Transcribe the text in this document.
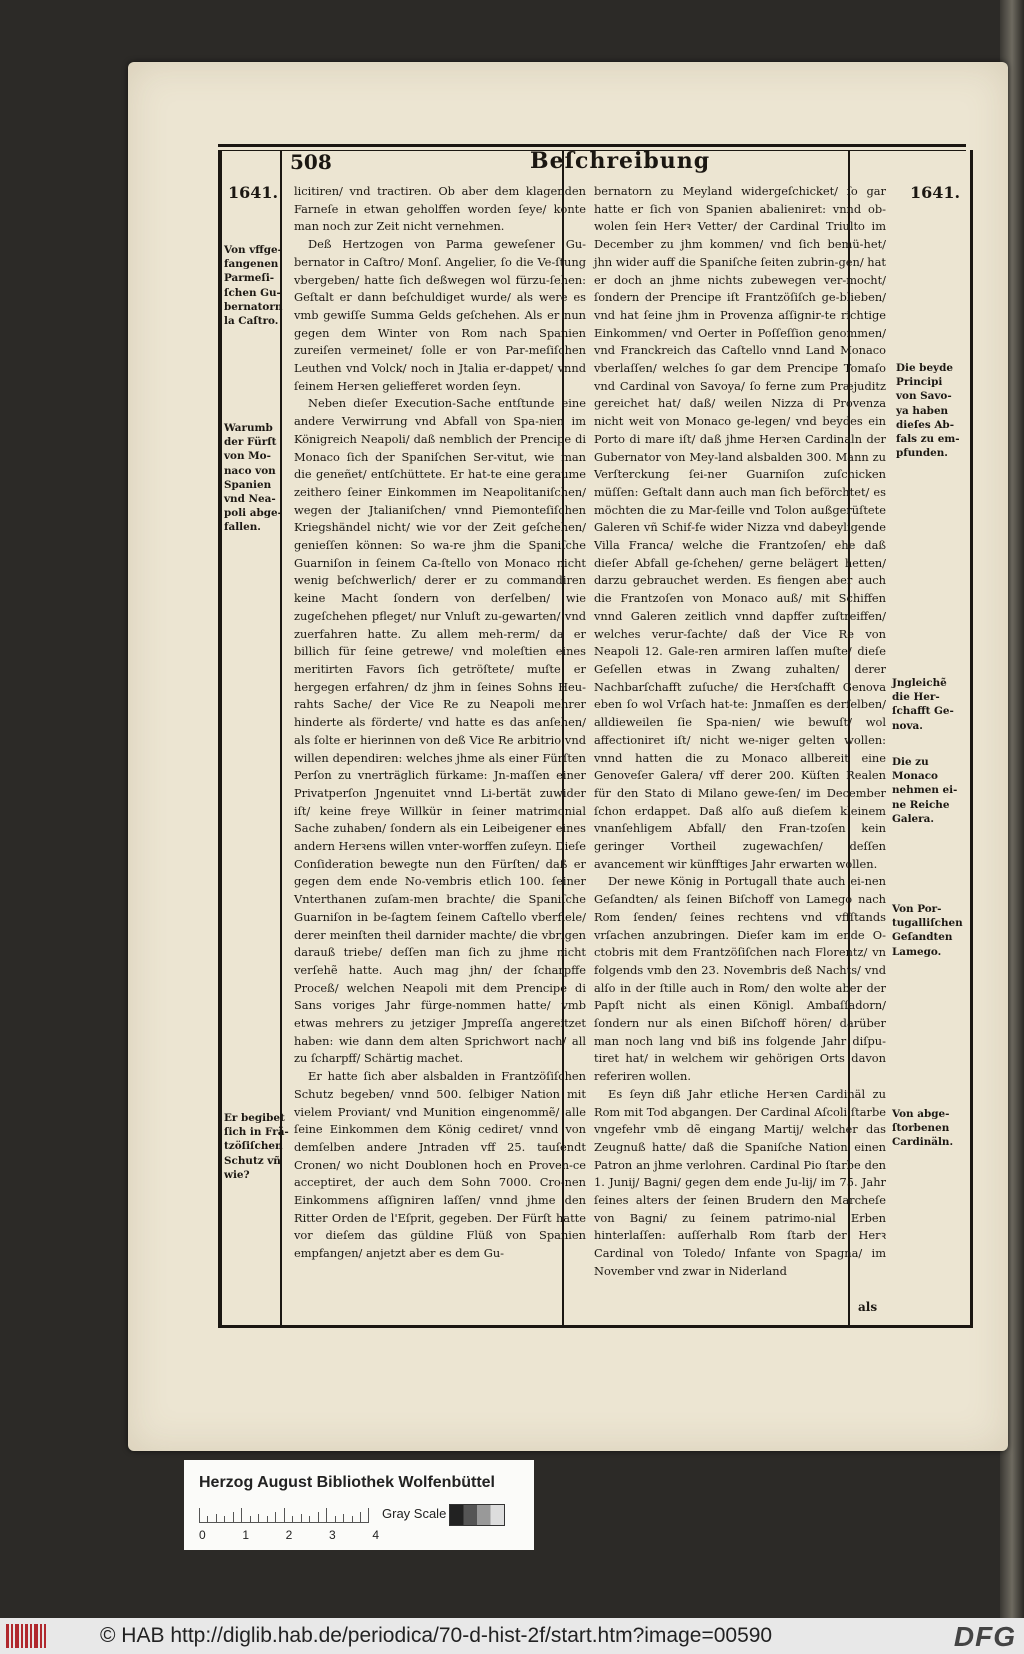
508	Beſchreibung
1641.	1641.
Von vffge‐fangenen Parmeſi‐ſchen Gu‐bernatorn la Caſtro.
Warumb der Fürſt von Mo‐naco von Spanien vnd Nea‐poli abge‐fallen.
Er begibet ſich in Frä‐tzöſiſchen Schutz vñ wie?
Die beyde Principi von Savo‐ya haben dieſes Ab‐fals zu em‐pfunden.
Jngleichẽ die Her‐ſchafft Ge‐nova.
Die zu Monaco nehmen ei‐ne Reiche Galera.
Von Por‐tugalliſchen Geſandten Lamego.
Von abge‐ſtorbenen Cardinäln.

licitiren/ vnd tractiren. Ob aber dem klagenden Farneſe in etwan geholffen worden ſeye/ konte man noch zur Zeit nicht vernehmen.

Deß Hertzogen von Parma geweſener Gu‐bernator in Caſtro/ Monſ. Angelier, ſo die Ve‐ſtung vbergeben/ hatte ſich deßwegen wol fürzu‐ſehen: Geſtalt er dann beſchuldiget wurde/ als were es vmb gewiſſe Summa Gelds geſchehen. Als er nun gegen dem Winter von Rom nach Spanien zureiſen vermeinet/ ſolle er von Par‐meſiſchen Leuthen vnd Volck/ noch in Jtalia er‐dappet/ vnnd ſeinem Herꝛen geliefferet worden ſeyn.

Neben dieſer Execution‐Sache entſtunde eine andere Verwirrung vnd Abfall von Spa‐nien im Königreich Neapoli/ daß nemblich der Prencipe di Monaco ſich der Spaniſchen Ser‐vitut, wie man die geneñet/ entſchüttete. Er hat‐te eine geraume zeithero ſeiner Einkommen im Neapolitaniſchen/ wegen der Jtalianiſchen/ vnnd Piemonteſiſchen Kriegshändel nicht/ wie vor der Zeit geſchehen/ genieſſen können: So wa‐re jhm die Spaniſche Guarniſon in ſeinem Ca‐ſtello von Monaco nicht wenig beſchwerlich/ derer er zu commandiren keine Macht ſondern von derſelben/ wie zugeſchehen pfleget/ nur Vnluſt zu‐gewarten/ vnd zuerfahren hatte. Zu allem meh‐rerm/ da er billich für ſeine getrewe/ vnd moleſtien eines meritirten Favors ſich getröſtete/ muſte er hergegen erfahren/ dz jhm in ſeines Sohns Heu‐rahts Sache/ der Vice Re zu Neapoli mehrer hinderte als förderte/ vnd hatte es das anſehen/ als ſolte er hierinnen von deß Vice Re arbitrio vnd willen dependiren: welches jhme als einer Fürſten Perſon zu vnerträglich fürkame: Jn‐maſſen einer Privatperſon Jngenuitet vnnd Li‐bertät zuwider iſt/ keine freye Willkür in ſeiner matrimonial Sache zuhaben/ ſondern als ein Leibeigener eines andern Herꝛens willen vnter‐worffen zuſeyn. Dieſe Conſideration bewegte nun den Fürſten/ daß er gegen dem ende No‐vembris etlich 100. ſeiner Vnterthanen zuſam‐men brachte/ die Spaniſche Guarniſon in be‐ſagtem ſeinem Caſtello vberfiele/ derer meinſten theil darnider machte/ die vbrigen darauß triebe/ deſſen man ſich zu jhme nicht verſehẽ hatte. Auch mag jhn/ der ſcharpffe Proceß/ welchen Neapoli mit dem Prencipe di Sans voriges Jahr fürge‐nommen hatte/ vmb etwas mehrers zu jetziger Jmpreſſa angereitzet haben: wie dann dem alten Sprichwort nach/ all zu ſcharpff/ Schärtig machet.

Er hatte ſich aber alsbalden in Frantzöſiſchen Schutz begeben/ vnnd 500. ſelbiger Nation mit vielem Proviant/ vnd Munition eingenommẽ/ alle ſeine Einkommen dem König cediret/ vnnd von demſelben andere Jntraden vff 25. tauſendt Cronen/ wo nicht Doublonen hoch en Proven‐ce acceptiret, der auch dem Sohn 7000. Cro‐nen Einkommens aſſigniren laſſen/ vnnd jhme den Ritter Orden de l'Eſprit, gegeben. Der Fürſt hatte vor dieſem das güldine Flüß von Spanien empfangen/ anjetzt aber es dem Gu‐

bernatorn zu Meyland widergeſchicket/ ſo gar hatte er ſich von Spanien abalieniret: vnnd ob‐wolen ſein Herꝛ Vetter/ der Cardinal Triulto im December zu jhm kommen/ vnd ſich bemü‐het/ jhn wider auff die Spaniſche ſeiten zubrin‐gen/ hat er doch an jhme nichts zubewegen ver‐mocht/ ſondern der Prencipe iſt Frantzöſiſch ge‐blieben/ vnd hat ſeine jhm in Provenza aſſignir‐te richtige Einkommen/ vnd Oerter in Poſſeſſion genommen/ vnd Franckreich das Caſtello vnnd Land Monaco vberlaſſen/ welches ſo gar dem Prencipe Tomaſo vnd Cardinal von Savoya/ ſo ferne zum Præjuditz gereichet hat/ daß/ weilen Nizza di Provenza nicht weit von Monaco ge‐legen/ vnd beydes ein Porto di mare iſt/ daß jhme Herꝛen Cardinaln der Gubernator von Mey‐land alsbalden 300. Mann zu Verſterckung ſei‐ner Guarniſon zuſchicken müſſen: Geſtalt dann auch man ſich beförchtet/ es möchten die zu Mar‐ſeille vnd Tolon außgerüſtete Galeren vñ Schif‐fe wider Nizza vnd dabeyligende Villa Franca/ welche die Frantzoſen/ ehe daß dieſer Abfall ge‐ſchehen/ gerne belägert hetten/ darzu gebrauchet werden. Es fiengen aber auch die Frantzoſen von Monaco auß/ mit Schiffen vnnd Galeren zeitlich vnnd dapffer zuſtreiffen/ welches verur‐ſachte/ daß der Vice Re von Neapoli 12. Gale‐ren armiren laſſen muſte/ dieſe Geſellen etwas in Zwang zuhalten/ derer Nachbarſchafft zuſuche/ die Herꝛſchafft Genova eben ſo wol Vrſach hat‐te: Jnmaſſen es derſelben/ alldieweilen ſie Spa‐nien/ wie bewuſt/ wol affectioniret iſt/ nicht we‐niger gelten wollen: vnnd hatten die zu Monaco allbereit eine Genoveſer Galera/ vff derer 200. Küſten Realen für den Stato di Milano gewe‐ſen/ im December ſchon erdappet. Daß alſo auß dieſem kleinem vnanſehligem Abfall/ den Fran‐tzoſen kein geringer Vortheil zugewachſen/ deſſen avancement wir künfftiges Jahr erwarten wollen.

Der newe König in Portugall thate auch ei‐nen Geſandten/ als ſeinen Biſchoff von Lamego nach Rom ſenden/ ſeines rechtens vnd vffſtands vrſachen anzubringen. Dieſer kam im ende O‐ctobris mit dem Frantzöſiſchen nach Florentz/ vn folgends vmb den 23. Novembris deß Nachts/ vnd alſo in der ſtille auch in Rom/ den wolte aber der Papſt nicht als einen Königl. Ambaſſadorn/ ſondern nur als einen Biſchoff hören/ darüber man noch lang vnd biß ins folgende Jahr diſpu‐tiret hat/ in welchem wir gehörigen Orts davon referiren wollen.

Es ſeyn diß Jahr etliche Herꝛen Cardinäl zu Rom mit Tod abgangen. Der Cardinal Aſcoli ſtarbe vngefehr vmb dẽ eingang Martij/ welcher das Zeugnuß hatte/ daß die Spaniſche Nation einen Patron an jhme verlohren. Cardinal Pio ſtarbe den 1. Junij/ Bagni/ gegen dem ende Ju‐lij/ im 75. Jahr ſeines alters der ſeinen Brudern den Marcheſe von Bagni/ zu ſeinem patrimo‐nial Erben hinterlaſſen: auſſerhalb Rom ſtarb der Herꝛ Cardinal von Toledo/ Infante von Spagna/ im November vnd zwar in Niderland

als
Herzog August Bibliothek Wolfenbüttel
Gray Scale
0	1	2	3	4
© HAB http://diglib.hab.de/periodica/70-d-hist-2f/start.htm?image=00590	DFG
